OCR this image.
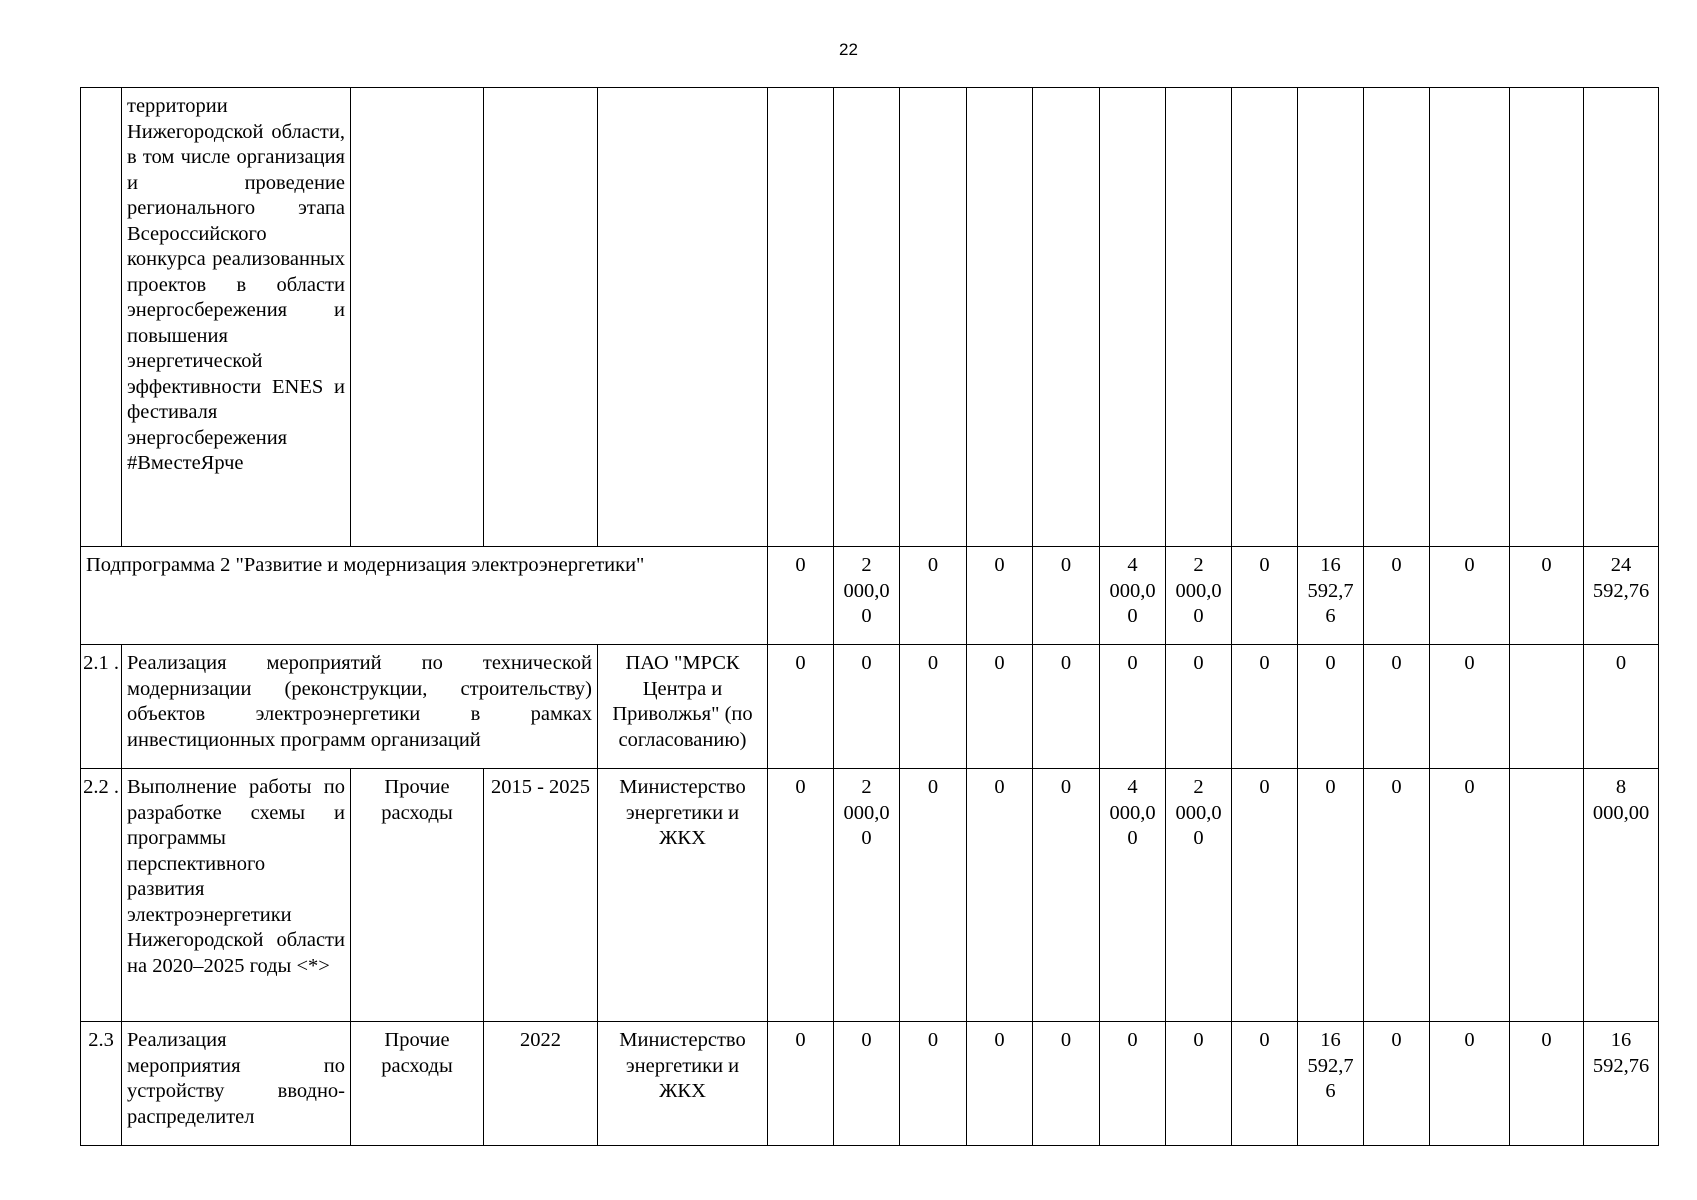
22
	территории Нижегородской области, в том числе организация и проведение регионального этапа Всероссийского конкурса реализованных проектов в области энергосбережения и повышения энергетической эффективности ENES и фестиваля энергосбережения #ВместеЯрче																
Подпрограмма 2 "Развитие и модернизация электроэнергетики"					0	2 000,0 0	0	0	0	4 000,0 0	2 000,0 0	0	16 592,7 6	0	0	0	24 592,76
2.1 .	Реализация мероприятий по технической модернизации (реконструкции, строительству) объектов электроэнергетики в рамках инвестиционных программ организаций			ПАО "МРСК Центра и Приволжья" (по согласованию)	0	0	0	0	0	0	0	0	0	0	0		0
2.2 .	Выполнение работы по разработке схемы и программы перспективного развития электроэнергетики Нижегородской области на 2020–2025 годы <*>	Прочие расходы	2015 - 2025	Министерство энергетики и ЖКХ	0	2 000,0 0	0	0	0	4 000,0 0	2 000,0 0	0	0	0	0		8 000,00
2.3	Реализация мероприятия по устройству вводно-распределител	Прочие расходы	2022	Министерство энергетики и ЖКХ	0	0	0	0	0	0	0	0	16 592,7 6	0	0	0	16 592,76
